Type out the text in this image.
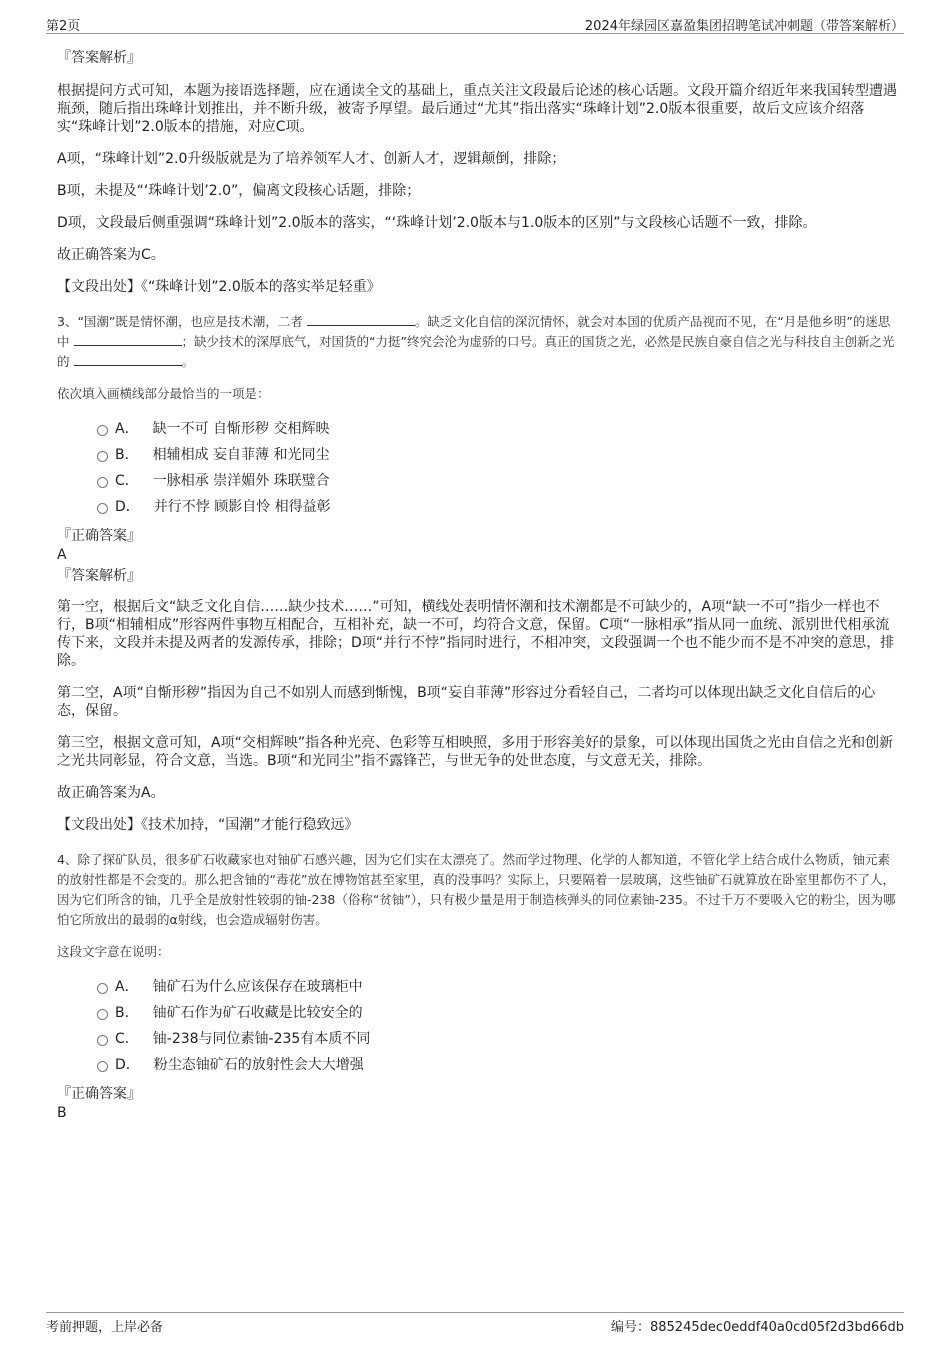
第2页	2024年绿园区嘉盈集团招聘笔试冲刺题（带答案解析）

『答案解析』

根据提问方式可知，本题为接语选择题，应在通读全文的基础上，重点关注文段最后论述的核心话题。文段开篇介绍近年来我国转型遭遇瓶颈，随后指出珠峰计划推出，并不断升级，被寄予厚望。最后通过“尤其”指出落实“珠峰计划”2.0版本很重要，故后文应该介绍落实“珠峰计划”2.0版本的措施，对应C项。

A项，“珠峰计划”2.0升级版就是为了培养领军人才、创新人才，逻辑颠倒，排除；

B项，未提及“‘珠峰计划’2.0”，偏离文段核心话题，排除；

D项，文段最后侧重强调“珠峰计划”2.0版本的落实，“‘珠峰计划’2.0版本与1.0版本的区别”与文段核心话题不一致，排除。

故正确答案为C。

【文段出处】《“珠峰计划”2.0版本的落实举足轻重》

3、“国潮”既是情怀潮，也应是技术潮，二者	。缺乏文化自信的深沉情怀，就会对本国的优质产品视而不见，在“月是他乡明”的迷思中	；缺少技术的深厚底气，对国货的“力挺”终究会沦为虚骄的口号。真正的国货之光，必然是民族自豪自信之光与科技自主创新之光的	。

依次填入画横线部分最恰当的一项是：

A． 缺一不可 自惭形秽 交相辉映
B． 相辅相成 妄自菲薄 和光同尘
C． 一脉相承 崇洋媚外 珠联璧合
D． 并行不悖 顾影自怜 相得益彰

『正确答案』

A

『答案解析』

第一空，根据后文“缺乏文化自信……缺少技术……”可知，横线处表明情怀潮和技术潮都是不可缺少的，A项“缺一不可”指少一样也不行，B项“相辅相成”形容两件事物互相配合，互相补充，缺一不可，均符合文意，保留。C项“一脉相承”指从同一血统、派别世代相承流传下来，文段并未提及两者的发源传承，排除；D项“并行不悖”指同时进行，不相冲突，文段强调一个也不能少而不是不冲突的意思，排除。

第二空，A项“自惭形秽”指因为自己不如别人而感到惭愧，B项“妄自菲薄”形容过分看轻自己，二者均可以体现出缺乏文化自信后的心态，保留。

第三空，根据文意可知，A项“交相辉映”指各种光亮、色彩等互相映照，多用于形容美好的景象，可以体现出国货之光由自信之光和创新之光共同彰显，符合文意，当选。B项“和光同尘”指不露锋芒，与世无争的处世态度，与文意无关，排除。

故正确答案为A。

【文段出处】《技术加持，“国潮”才能行稳致远》

4、除了探矿队员，很多矿石收藏家也对铀矿石感兴趣，因为它们实在太漂亮了。然而学过物理、化学的人都知道，不管化学上结合成什么物质，铀元素的放射性都是不会变的。那么把含铀的“毒花”放在博物馆甚至家里，真的没事吗？实际上，只要隔着一层玻璃，这些铀矿石就算放在卧室里都伤不了人，因为它们所含的铀，几乎全是放射性较弱的铀-238（俗称“贫铀”），只有极少量是用于制造核弹头的同位素铀-235。不过千万不要吸入它的粉尘，因为哪怕它所放出的最弱的α射线，也会造成辐射伤害。

这段文字意在说明：

A． 铀矿石为什么应该保存在玻璃柜中
B． 铀矿石作为矿石收藏是比较安全的
C． 铀-238与同位素铀-235有本质不同
D． 粉尘态铀矿石的放射性会大大增强

『正确答案』

B

考前押题，上岸必备	编号：885245dec0eddf40a0cd05f2d3bd66db
